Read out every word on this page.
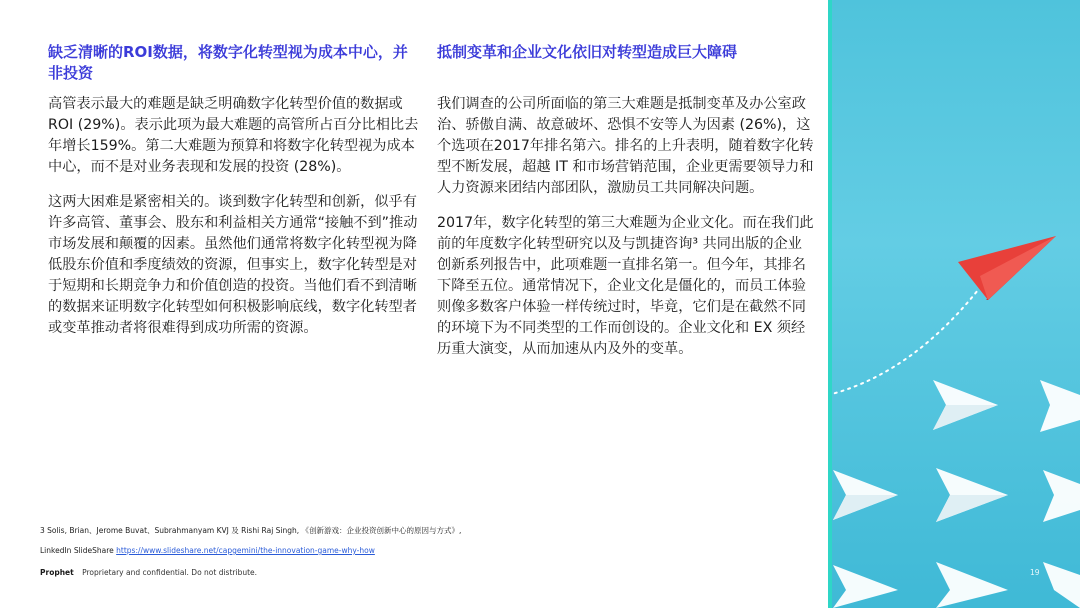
缺乏清晰的ROI数据，将数字化转型视为成本中心，并非投资

高管表示最大的难题是缺乏明确数字化转型价值的数据或 ROI (29%)。表示此项为最大难题的高管所占百分比相比去年增长159%。第二大难题为预算和将数字化转型视为成本中心，而不是对业务表现和发展的投资 (28%)。

这两大困难是紧密相关的。谈到数字化转型和创新，似乎有许多高管、董事会、股东和利益相关方通常“接触不到”推动市场发展和颠覆的因素。虽然他们通常将数字化转型视为降低股东价值和季度绩效的资源，但事实上，数字化转型是对于短期和长期竞争力和价值创造的投资。当他们看不到清晰的数据来证明数字化转型如何积极影响底线，数字化转型者或变革推动者将很难得到成功所需的资源。

抵制变革和企业文化依旧对转型造成巨大障碍

我们调查的公司所面临的第三大难题是抵制变革及办公室政治、骄傲自满、故意破坏、恐惧不安等人为因素 (26%)，这个选项在2017年排名第六。排名的上升表明，随着数字化转型不断发展，超越 IT 和市场营销范围，企业更需要领导力和人力资源来团结内部团队，激励员工共同解决问题。

2017年，数字化转型的第三大难题为企业文化。而在我们此前的年度数字化转型研究以及与凯捷咨询³ 共同出版的企业创新系列报告中，此项难题一直排名第一。但今年，其排名下降至五位。通常情况下，企业文化是僵化的，而员工体验则像多数客户体验一样传统过时，毕竟，它们是在截然不同的环境下为不同类型的工作而创设的。企业文化和 EX 须经历重大演变，从而加速从内及外的变革。

3 Solis, Brian、Jerome Buvat、Subrahmanyam KVJ 及 Rishi Raj Singh, 《创新游戏：企业投资创新中心的原因与方式》,
LinkedIn SlideShare https://www.slideshare.net/capgemini/the-innovation-game-why-how
Prophet Proprietary and confidential. Do not distribute.	19
